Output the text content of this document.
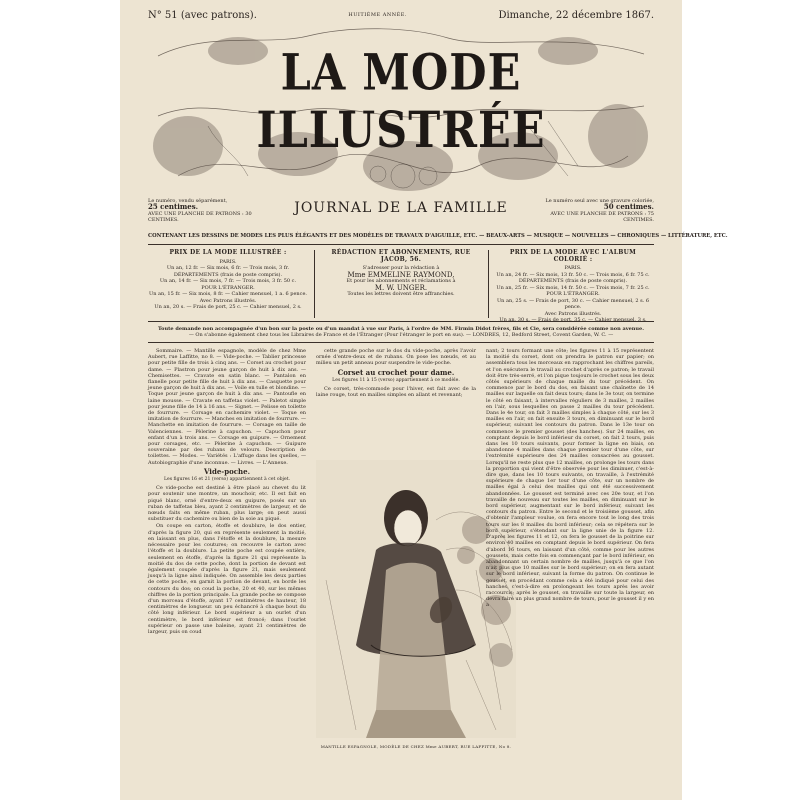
N° 51 (avec patrons).	HUITIÈME ANNÉE.	Dimanche, 22 décembre 1867.
LA MODE ILLUSTRÉE
Le numéro, vendu séparément,
25 centimes.
AVEC UNE PLANCHE DE PATRONS : 30 CENTIMES.
JOURNAL DE LA FAMILLE	Le numéro seul avec une gravure coloriée,
50 centimes.
AVEC UNE PLANCHE DE PATRONS : 75 CENTIMES.
CONTENANT LES DESSINS DE MODES LES PLUS ÉLÉGANTS ET DES MODÈLES DE TRAVAUX D'AIGUILLE, ETC. — BEAUX-ARTS — MUSIQUE — NOUVELLES — CHRONIQUES — LITTÉRATURE, ETC.
PRIX DE LA MODE ILLUSTRÉE :
PARIS.
Un an, 12 fr. — Six mois, 6 fr. — Trois mois, 3 fr.
DÉPARTEMENTS (frais de poste compris).
Un an, 14 fr. — Six mois, 7 fr. — Trois mois, 3 fr. 50 c.
POUR L'ÉTRANGER.
Un an, 15 fr. — Six mois, 8 fr. — Cahier mensuel, 1 a. 6 pence.
Avec Patrons illustrés.
Un an, 20 s. — Frais de port, 25 c. — Cahier mensuel, 2 s.
RÉDACTION ET ABONNEMENTS, RUE JACOB, 56.
S'adresser pour la rédaction à
Mme EMMELINE RAYMOND,
Et pour les abonnements et réclamations à
M. W. UNGER.
Toutes les lettres doivent être affranchies.
PRIX DE LA MODE AVEC L'ALBUM COLORIÉ :
PARIS.
Un an, 24 fr. — Six mois, 13 fr. 50 c. — Trois mois, 6 fr. 75 c.
DÉPARTEMENTS (frais de poste compris).
Un an, 25 fr. — Six mois, 14 fr. 50 c. — Trois mois, 7 fr. 25 c.
POUR L'ÉTRANGER.
Un an, 25 s. — Frais de port, 30 c. — Cahier mensuel, 2 s. 6 pence.
Avec Patrons illustrés.
Un an, 30 s. — Frais de port, 35 c. — Cahier mensuel, 3 s.
Toute demande non accompagnée d'un bon sur la poste ou d'un mandat à vue sur Paris, à l'ordre de MM. Firmin Didot frères, fils et Cie, sera considérée comme non avenue.
— On s'abonne également chez tous les Libraires de France et de l'Étranger (Pour l'étranger le port en sus). — LONDRES, 12, Bedford Street, Covent Garden, W. C. —

Sommaire. — Mantille espagnole, modèle de chez Mme Aubert, rue Laffitte, no 8. — Vide-poche. — Tablier princesse pour petite fille de trois à cinq ans. — Corset au crochet pour dame. — Plastron pour jeune garçon de huit à dix ans. — Chemisettes. — Cravate en satin blanc. — Pantalon en flanelle pour petite fille de huit à dix ans. — Casquette pour jeune garçon de huit à dix ans. — Voile en tulle et blondine. — Toque pour jeune garçon de huit à dix ans. — Pantoufle en laine mousse. — Cravate en taffetas violet. — Paletot simple pour jeune fille de 14 à 16 ans. — Signet. — Pelisse en toilette de fourrure. — Corsage en cachemire violet. — Toque en imitation de fourrure. — Manches en imitation de fourrure. — Manchette en imitation de fourrure. — Corsage en taille de Valenciennes. — Pèlerine à capuchon. — Capuchon pour enfant d'un à trois ans. — Corsage en guipure. — Ornement pour corsages, etc. — Pèlerine à capuchon. — Guipure souveraine par des rubans de velours. Description de toilettes. — Modes. — Variétés : L'affuge dans les quelles, — Autobiographie d'une inconnue. — Livres. — L'Annexe.

Vide-poche.
Les figures 16 et 21 (verso) appartiennent à cet objet.

Ce vide-poche est destiné à être placé au chevet du lit pour soutenir une montre, un mouchoir, etc. Il est fait en piqué blanc, orné d'entre-deux en guipure, posés sur un ruban de taffetas bleu, ayant 2 centimètres de largeur, et de nœuds faits en même ruban, plus large; on peut aussi substituer du cachemire ou bien de la soie au piqué.

On coupe en carton, étoffe et doublure, le dos entier, d'après la figure 20, qui en représente seulement la moitié, en laissant en plus, dans l'étoffe et la doublure, la mesure nécessaire pour les coutures; on recouvre le carton avec l'étoffe et la doublure. La petite poche est coupée entière, seulement en étoffe, d'après la figure 21 qui représente la moitié du dos de cette poche, dont la portion de devant est également coupée d'après la figure 21, mais seulement jusqu'à la ligne ainsi indiquée. On assemble les deux parties de cette poche, en garnit la portion de devant, en borde les contours du dos; on coud la poche, 20 et 40, sur les mêmes chiffres de la portion principale. La grande poche se compose d'un morceau d'étoffe, ayant 17 centimètres de hauteur, 18 centimètres de longueur. un peu échancré à chaque bout du côté long inférieur. Le bord supérieur a un ourlet d'un centimètre, le bord inférieur est froncé; dans l'ourlet supérieur on passe une baleine, ayant 21 centimètres de largeur, puis on coud

cette grande poche sur le dos du vide-poche, après l'avoir ornée d'entre-deux et de rubans. On pose les nœuds, et au milieu un petit anneau pour suspendre le vide-poche.

Corset au crochet pour dame.
Les figures 11 à 15 (verso) appartiennent à ce modèle.

Ce corset, très-commode pour l'hiver, est fait avec de la laine rouge, tout en mailles simples en allant et revenant;

MANTILLE ESPAGNOLE, MODÈLE DE CHEZ Mme AUBERT, RUE LAFFITTE, No 8.

nant; 2 tours formant une côte; les figures 11 à 15 représentent la moitié du corset, dont on prendra le patron sur papier; on assemblera tous les morceaux en rapprochant les chiffres pareils, et l'on exécutera le travail au crochet d'après ce patron; le travail doit être très-serré, et l'on pique toujours le crochet sous les deux côtés supérieurs de chaque maille du tour précédent. On commence par le bord du dos, en faisant une chaînette de 14 mailles sur laquelle on fait deux tours; dans le 3e tour, on termine le côté en faisant, à intervalles réguliers de 3 mailles, 2 mailles en l'air, sous lesquelles on passe 2 mailles du tour précédent. Dans le 4e tour, on fait 3 mailles simples à chaque côté, sur les 3 mailles en l'air, on fait ensuite 3 tours, en diminuant sur le bord supérieur, suivant les contours du patron. Dans le 13e tour on commence le premier gousset (des hanches). Sur 24 mailles, en comptant depuis le bord inférieur du corset, on fait 2 tours, puis dans les 10 tours suivants, pour former la ligne en biais, on abandonne 4 mailles dans chaque premier tour d'une côte, sur l'extrémité supérieure des 24 mailles consacrées au gousset. Lorsqu'il ne reste plus que 12 mailles, on prolonge les tours dans la proportion qui vient d'être observée pour les diminuer, c'est-à-dire que, dans les 10 tours suivants, on travaille, à l'extrémité supérieure de chaque 1er tour d'une côte, sur un nombre de mailles égal à celui des mailles qui ont été successivement abandonnées. Le gousset est terminé avec ces 20e tour, et l'on travaille de nouveau sur toutes les mailles, en diminuant sur le bord supérieur, augmentant sur le bord inférieur, suivant les contours du patron. Entre le second et le troisième gousset, afin d'obtenir l'ampleur voulue, on fera encore tout le long des trois tours sur les 8 mailles du bord inférieur; cela se répétera sur le bord supérieur, s'étendant sur la ligne unie de la figure 12. D'après les figures 11 et 12, on fera le gousset de la poitrine sur environ 40 mailles en comptant depuis le bord supérieur. On fera d'abord 16 tours, en laissant d'un côté, comme pour les autres goussets, mais cette fois en commençant par le bord inférieur, en abandonnant un certain nombre de mailles, jusqu'à ce que l'on n'ait plus que 10 mailles sur le bord supérieur; on en fera autant sur le bord inférieur, suivant la forme du patron. On continue le gousset, en procédant comme cela a été indiqué pour celui des hanches, c'est-à-dire en prolongeant les tours après les avoir raccourcis; après le gousset, on travaille sur toute la largeur, en devra faire un plus grand nombre de tours, pour le gousset il y en a
